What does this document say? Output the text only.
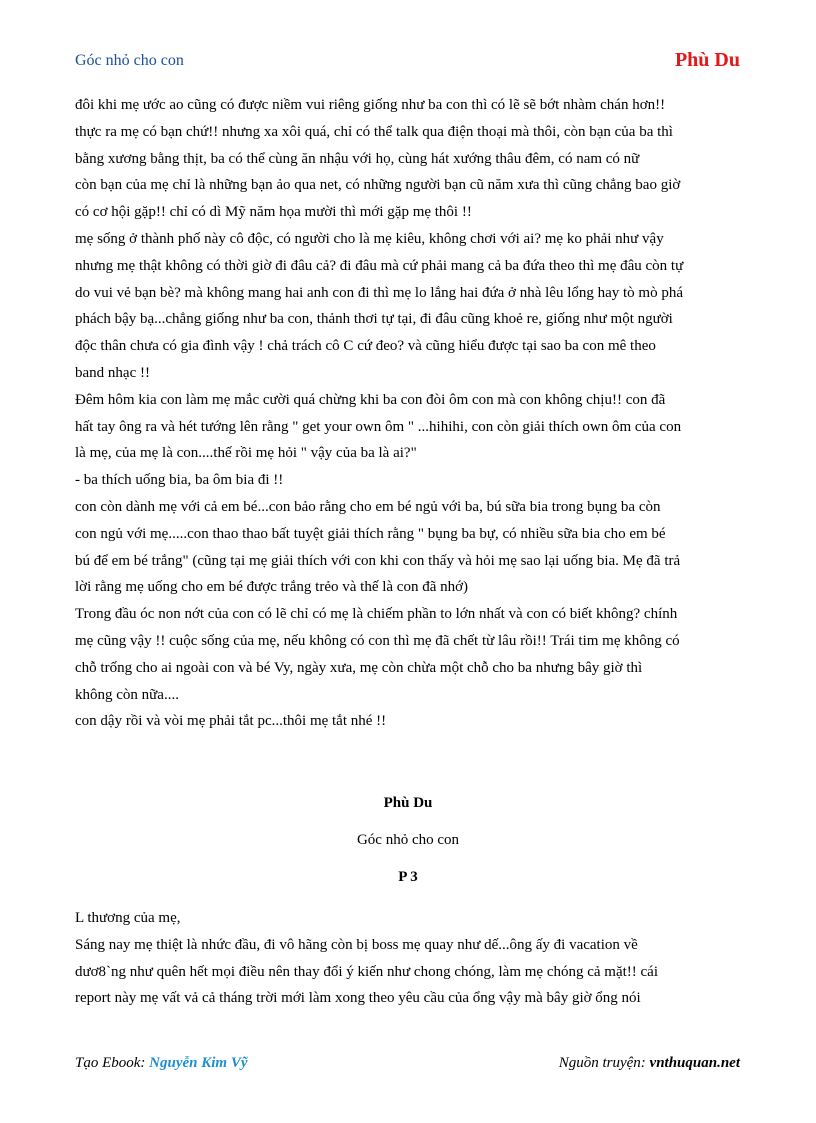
Góc nhỏ cho con	Phù Du
đôi khi mẹ ước ao cũng có được niềm vui riêng giống như ba con thì có lẽ sẽ bớt nhàm chán hơn!!
thực ra mẹ có bạn chứ!! nhưng xa xôi quá, chỉ có thể talk qua điện thoại mà thôi, còn bạn của ba thì
bằng xương bằng thịt, ba có thể cùng ăn nhậu với họ, cùng hát xướng thâu đêm, có nam có nữ
còn bạn của mẹ chỉ là những bạn ảo qua net, có những người bạn cũ năm xưa thì cũng chẳng bao giờ
có cơ hội gặp!! chỉ có dì Mỹ năm họa mười thì mới gặp mẹ thôi !!
mẹ sống ở thành phố này cô độc, có người cho là mẹ kiêu, không chơi với ai? mẹ ko phải như vậy
nhưng mẹ thật không có thời giờ đi đâu cả? đi đâu mà cứ phải mang cả ba đứa theo thì mẹ đâu còn tự
do vui vẻ bạn bè? mà không mang hai anh con đi thì mẹ lo lắng hai đứa ở nhà lêu lổng hay tò mò phá
phách bậy bạ...chẳng giống như ba con, thảnh thơi tự tại, đi đâu cũng khoẻ re, giống như một người
độc thân chưa có gia đình vậy ! chả trách cô C cứ đeo? và cũng hiểu được tại sao ba con mê theo
band nhạc !!
Đêm hôm kia con làm mẹ mắc cười quá chừng khi ba con đòi ôm con mà con không chịu!! con đã
hất tay ông ra và hét tướng lên rằng " get your own ôm " ...hihihi, con còn giải thích own ôm của con
là mẹ, của mẹ là con....thế rồi mẹ hỏi " vậy của ba là ai?"
- ba thích uống bia, ba ôm bia đi !!
con còn dành mẹ với cả em bé...con bảo rằng cho em bé ngủ với ba, bú sữa bia trong bụng ba còn
con ngủ với mẹ.....con thao thao bất tuyệt giải thích rằng " bụng ba bự, có nhiều sữa bia cho em bé
bú để em bé trắng" (cũng tại mẹ giải thích với con khi con thấy và hỏi mẹ sao lại uống bia. Mẹ đã trả
lời rằng mẹ uống cho em bé được trắng trẻo và thế là con đã nhớ)
Trong đầu óc non nớt của con có lẽ chỉ có mẹ là chiếm phần to lớn nhất và con có biết không? chính
mẹ cũng vậy !! cuộc sống của mẹ, nếu không có con thì mẹ đã chết từ lâu rồi!! Trái tim mẹ không có
chỗ trống cho ai ngoài con và bé Vy, ngày xưa, mẹ còn chừa một chỗ cho ba nhưng bây giờ thì
không còn nữa....
con dậy rồi và vòi mẹ phải tắt pc...thôi mẹ tắt nhé !!
Phù Du
Góc nhỏ cho con
P 3
L thương của mẹ,
Sáng nay mẹ thiệt là nhức đầu, đi vô hãng còn bị boss mẹ quay như dế...ông ấy đi vacation về
dươ8`ng như quên hết mọi điều nên thay đổi ý kiến như chong chóng, làm mẹ chóng cả mặt!! cái
report này mẹ vất vả cả tháng trời mới làm xong theo yêu cầu của ổng vậy mà bây giờ ổng nói
Tạo Ebook: Nguyễn Kim Vỹ	Nguồn truyện: vnthuquan.net
